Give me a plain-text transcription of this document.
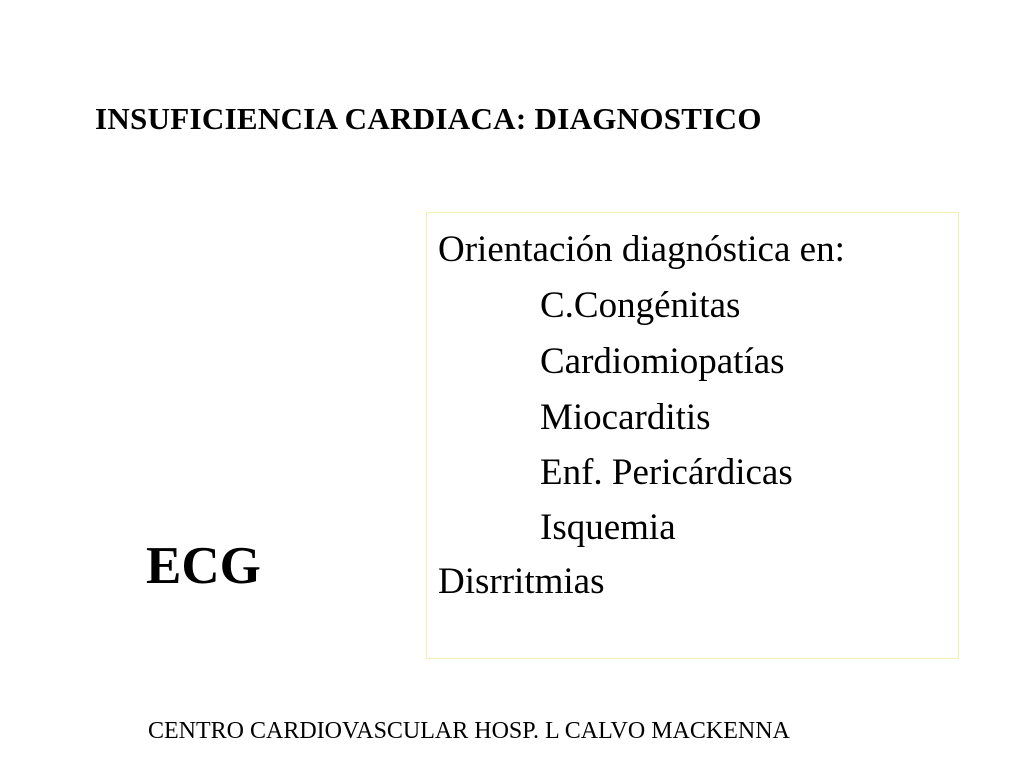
INSUFICIENCIA CARDIACA: DIAGNOSTICO
ECG
Orientación diagnóstica en:
C.Congénitas
Cardiomiopatías
Miocarditis
Enf. Pericárdicas
Isquemia
Disrritmias
CENTRO CARDIOVASCULAR HOSP. L CALVO MACKENNA
